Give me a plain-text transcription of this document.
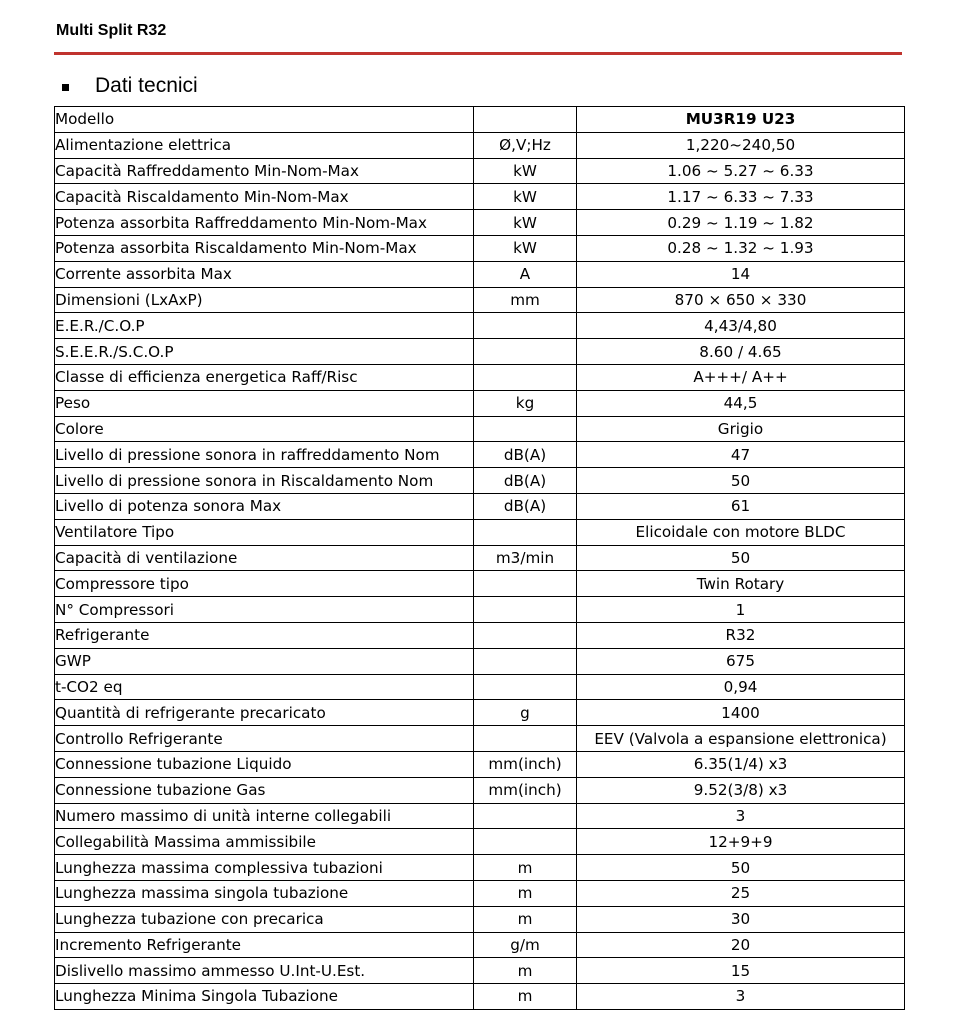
Multi Split R32
Dati tecnici
Modello		MU3R19 U23
Alimentazione elettrica	Ø,V;Hz	1,220~240,50
Capacità Raffreddamento Min-Nom-Max	kW	1.06 ~ 5.27 ~ 6.33
Capacità Riscaldamento Min-Nom-Max	kW	1.17 ~ 6.33 ~ 7.33
Potenza assorbita Raffreddamento Min-Nom-Max	kW	0.29 ~ 1.19 ~ 1.82
Potenza assorbita Riscaldamento Min-Nom-Max	kW	0.28 ~ 1.32 ~ 1.93
Corrente assorbita Max	A	14
Dimensioni (LxAxP)	mm	870 × 650 × 330
E.E.R./C.O.P		4,43/4,80
S.E.E.R./S.C.O.P		8.60 / 4.65
Classe di efficienza energetica Raff/Risc		A+++/ A++
Peso	kg	44,5
Colore		Grigio
Livello di pressione sonora in raffreddamento Nom	dB(A)	47
Livello di pressione sonora in Riscaldamento Nom	dB(A)	50
Livello di potenza sonora Max	dB(A)	61
Ventilatore Tipo		Elicoidale con motore BLDC
Capacità di ventilazione	m3/min	50
Compressore tipo		Twin Rotary
N° Compressori		1
Refrigerante		R32
GWP		675
t-CO2 eq		0,94
Quantità di refrigerante precaricato	g	1400
Controllo Refrigerante		EEV (Valvola a espansione elettronica)
Connessione tubazione Liquido	mm(inch)	6.35(1/4) x3
Connessione tubazione Gas	mm(inch)	9.52(3/8) x3
Numero massimo di unità interne collegabili		3
Collegabilità Massima ammissibile		12+9+9
Lunghezza massima complessiva tubazioni	m	50
Lunghezza massima singola tubazione	m	25
Lunghezza tubazione con precarica	m	30
Incremento Refrigerante	g/m	20
Dislivello massimo ammesso U.Int-U.Est.	m	15
Lunghezza Minima Singola Tubazione	m	3
